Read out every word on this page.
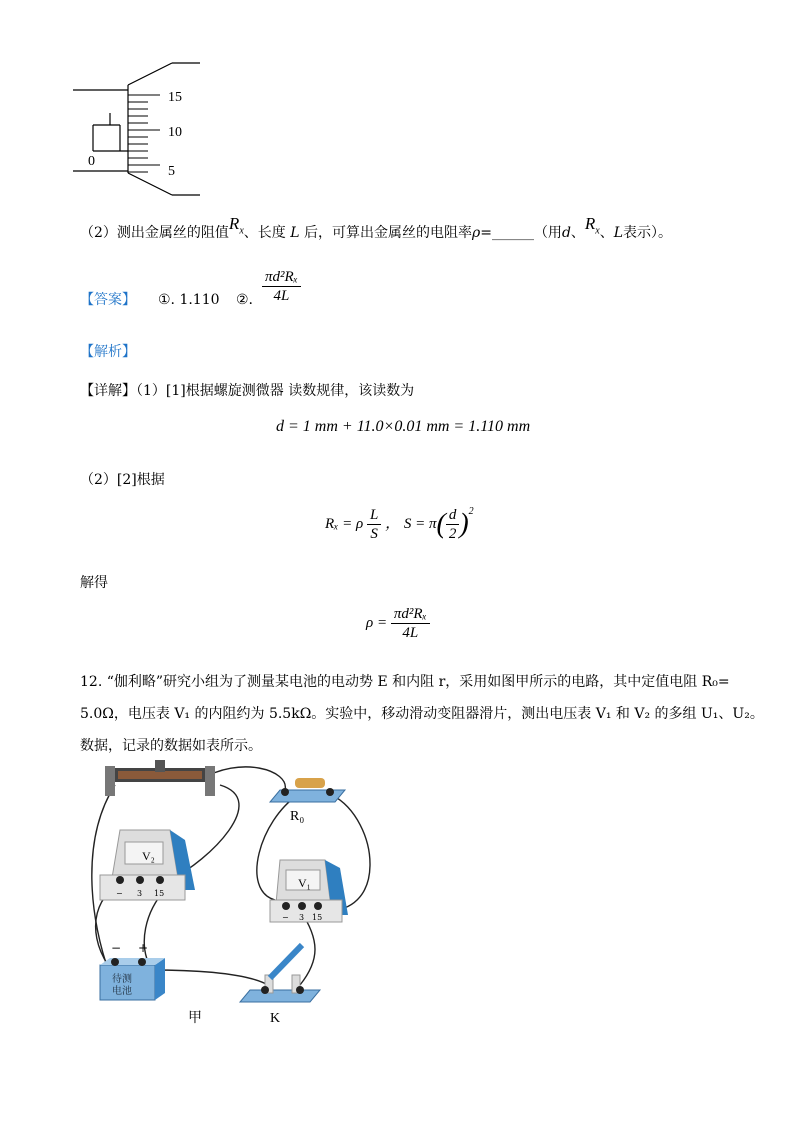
15
10
5
0
（2）测出金属丝的阻值$R_x$、长度 L 后，可算出金属丝的电阻率ρ=______（用d、$R_x$、L表示）。
【答案】 ①. 1.110 ②. $\frac{\text{πd²Rₓ}}{4L}$
【解析】
【详解】（1）[1]根据螺旋测微器 读数规律，该读数为
d = 1 mm + 11.0×0.01 mm = 1.110 mm
（2）[2]根据
Rₓ = ρ $\frac{L}{S}$ ， $S = \pi( \frac{d}{2} )^2$
解得
$\rho = \frac{\text{πd²Rₓ}}{4L}$
12. “伽利略”研究小组为了测量某电池的电动势 E 和内阻 r，采用如图甲所示的电路，其中定值电阻 R₀=
5.0Ω，电压表 V₁ 的内阻约为 5.5kΩ。实验中，移动滑动变阻器滑片，测出电压表 V₁ 和 V₂ 的多组 U₁、U₂。
数据，记录的数据如表所示。
R₀
V₂
− 3 15
V₁
− 3 15
− +
待测
电池
K
甲
